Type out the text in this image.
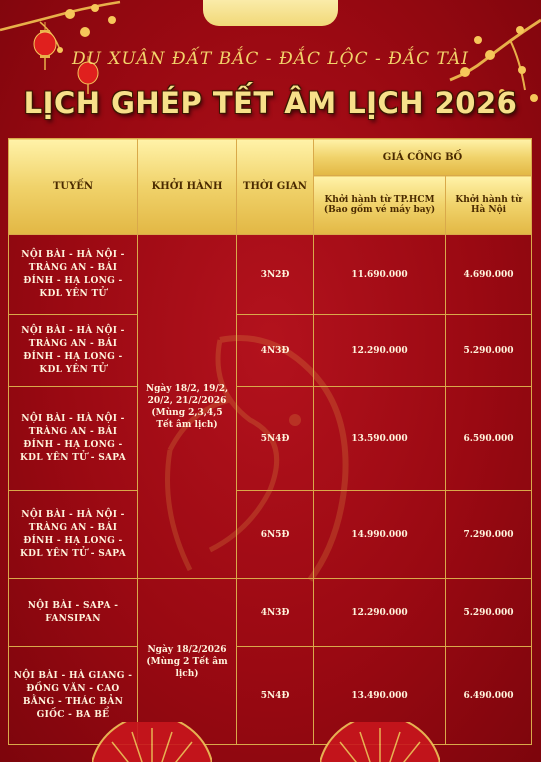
DU XUÂN ĐẤT BẮC - ĐẮC LỘC - ĐẮC TÀI
LỊCH GHÉP TẾT ÂM LỊCH 2026
TUYẾN	KHỞI HÀNH	THỜI GIAN	GIÁ CÔNG BỐ	
			Khởi hành từ TP.HCM (Bao gồm vé máy bay)	Khởi hành từ Hà Nội
NỘI BÀI - HÀ NỘI - TRÀNG AN - BÁI ĐÍNH - HẠ LONG - KDL YÊN TỬ	Ngày 18/2, 19/2, 20/2, 21/2/2026 (Mùng 2,3,4,5 Tết âm lịch)	3N2Đ	11.690.000	4.690.000
NỘI BÀI - HÀ NỘI - TRÀNG AN - BÁI ĐÍNH - HẠ LONG - KDL YÊN TỬ		4N3Đ	12.290.000	5.290.000
NỘI BÀI - HÀ NỘI - TRÀNG AN - BÁI ĐÍNH - HẠ LONG - KDL YÊN TỬ - SAPA		5N4Đ	13.590.000	6.590.000
NỘI BÀI - HÀ NỘI - TRÀNG AN - BÁI ĐÍNH - HẠ LONG - KDL YÊN TỬ - SAPA		6N5Đ	14.990.000	7.290.000
NỘI BÀI - SAPA - FANSIPAN	Ngày 18/2/2026 (Mùng 2 Tết âm lịch)	4N3Đ	12.290.000	5.290.000
NỘI BÀI - HÀ GIANG - ĐỒNG VĂN - CAO BẰNG - THÁC BẢN GIỐC - BA BỂ		5N4Đ	13.490.000	6.490.000
